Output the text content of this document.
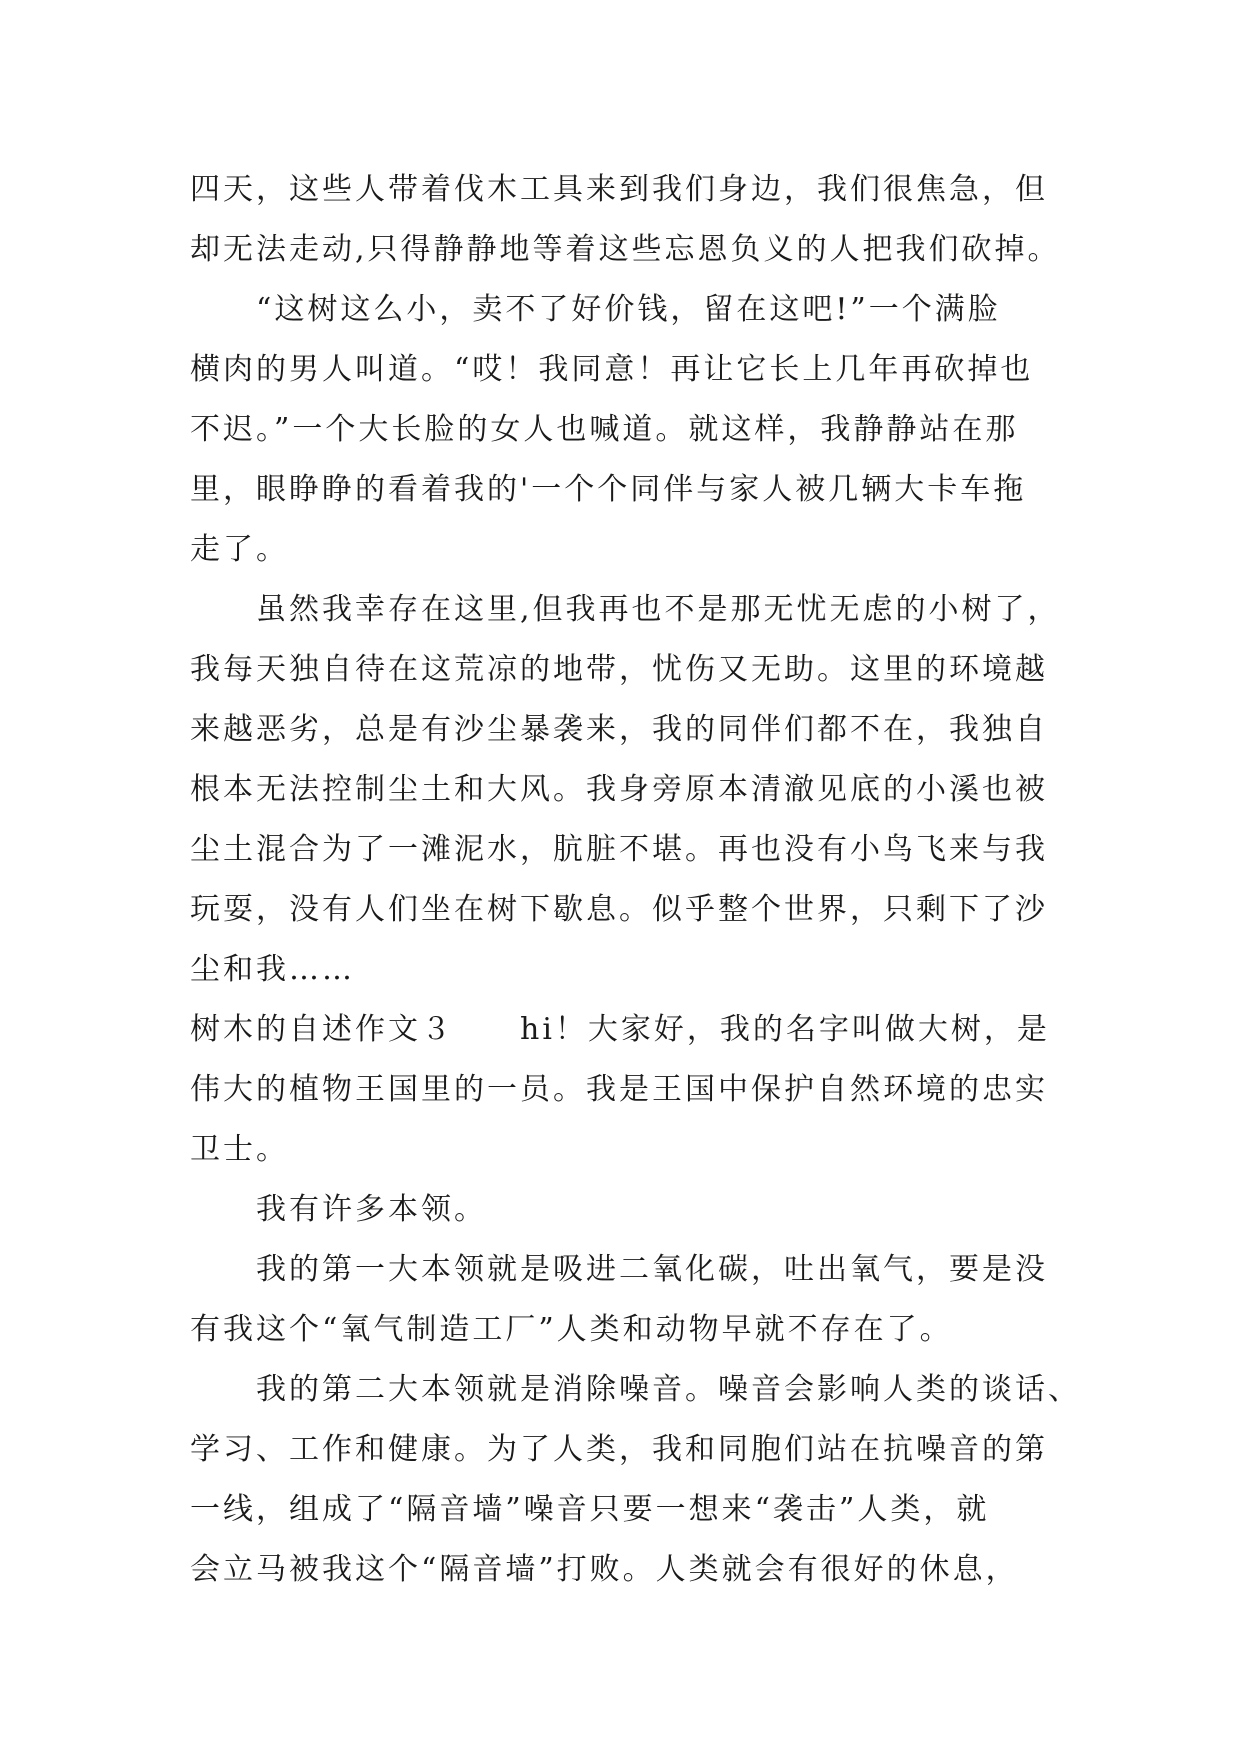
四天，这些人带着伐木工具来到我们身边，我们很焦急，但
却无法走动,只得静静地等着这些忘恩负义的人把我们砍掉。
　　“这树这么小，卖不了好价钱，留在这吧!”一个满脸
横肉的男人叫道。“哎！我同意！再让它长上几年再砍掉也
不迟。”一个大长脸的女人也喊道。就这样，我静静站在那
里，眼睁睁的看着我的'一个个同伴与家人被几辆大卡车拖
走了。
　　虽然我幸存在这里,但我再也不是那无忧无虑的小树了，
我每天独自待在这荒凉的地带，忧伤又无助。这里的环境越
来越恶劣，总是有沙尘暴袭来，我的同伴们都不在，我独自
根本无法控制尘土和大风。我身旁原本清澈见底的小溪也被
尘土混合为了一滩泥水，肮脏不堪。再也没有小鸟飞来与我
玩耍，没有人们坐在树下歇息。似乎整个世界，只剩下了沙
尘和我……
树木的自述作文３　　hi！大家好，我的名字叫做大树，是
伟大的植物王国里的一员。我是王国中保护自然环境的忠实
卫士。
　　我有许多本领。
　　我的第一大本领就是吸进二氧化碳，吐出氧气，要是没
有我这个“氧气制造工厂”人类和动物早就不存在了。
　　我的第二大本领就是消除噪音。噪音会影响人类的谈话、
学习、工作和健康。为了人类，我和同胞们站在抗噪音的第
一线，组成了“隔音墙”噪音只要一想来“袭击”人类，就
会立马被我这个“隔音墙”打败。人类就会有很好的休息，
